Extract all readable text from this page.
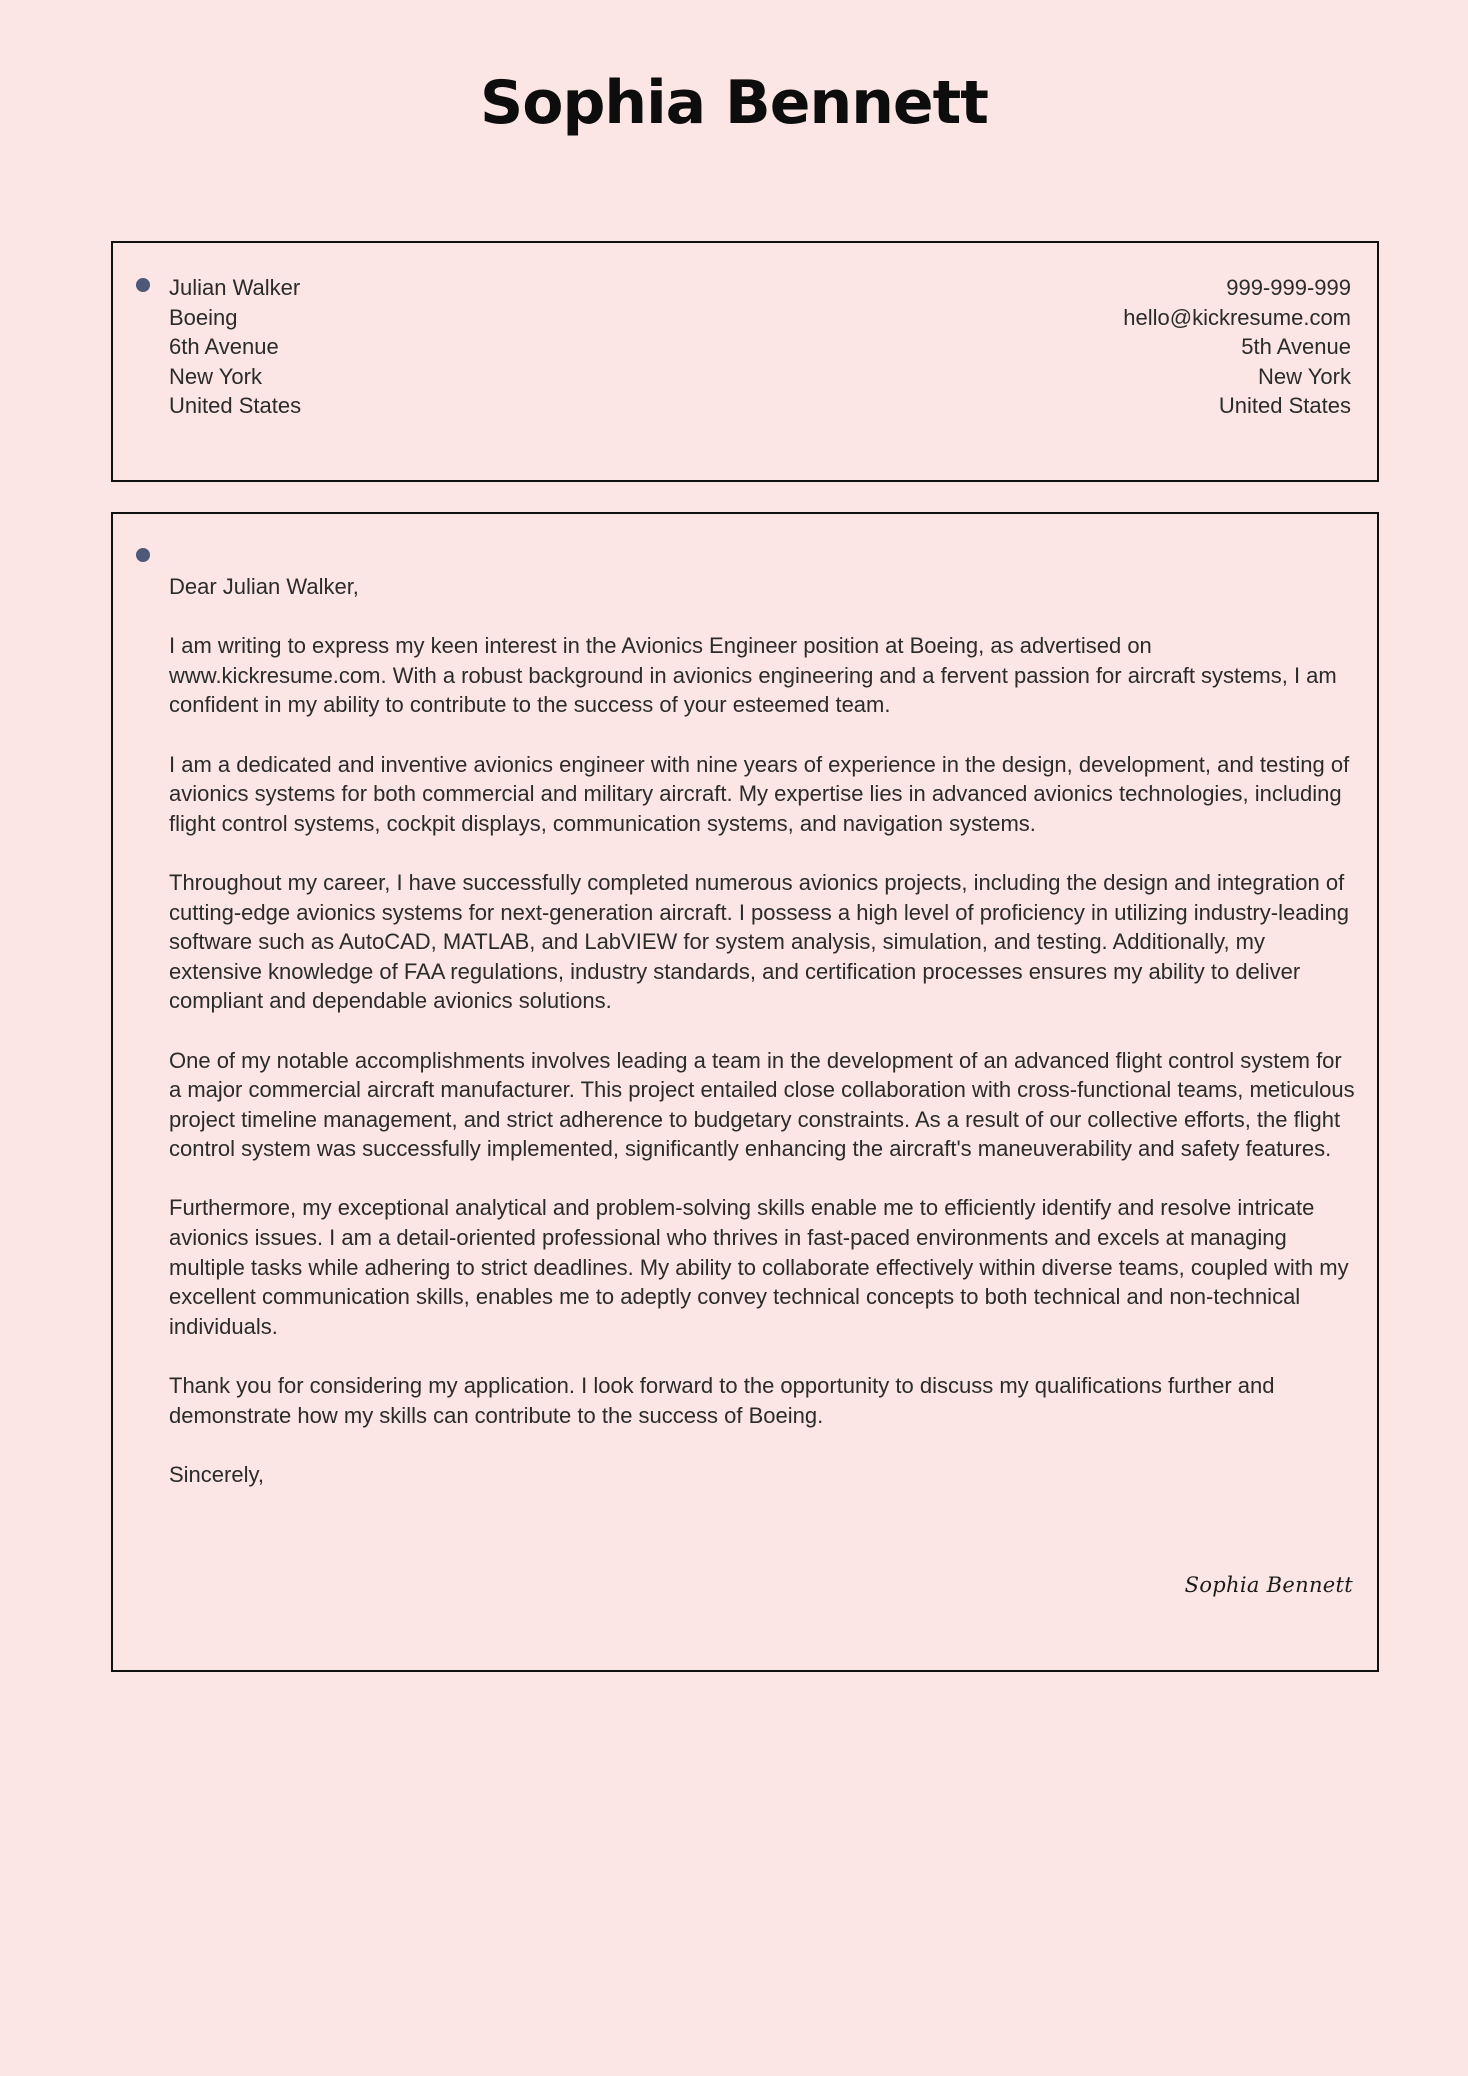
Sophia Bennett
Julian Walker
Boeing
6th Avenue
New York
United States
999-999-999
hello@kickresume.com
5th Avenue
New York
United States

Dear Julian Walker,

I am writing to express my keen interest in the Avionics Engineer position at Boeing, as advertised on www.kickresume.com. With a robust background in avionics engineering and a fervent passion for aircraft systems, I am confident in my ability to contribute to the success of your esteemed team.

I am a dedicated and inventive avionics engineer with nine years of experience in the design, development, and testing of avionics systems for both commercial and military aircraft. My expertise lies in advanced avionics technologies, including flight control systems, cockpit displays, communication systems, and navigation systems.

Throughout my career, I have successfully completed numerous avionics projects, including the design and integration of cutting-edge avionics systems for next-generation aircraft. I possess a high level of proficiency in utilizing industry-leading software such as AutoCAD, MATLAB, and LabVIEW for system analysis, simulation, and testing. Additionally, my extensive knowledge of FAA regulations, industry standards, and certification processes ensures my ability to deliver compliant and dependable avionics solutions.

One of my notable accomplishments involves leading a team in the development of an advanced flight control system for a major commercial aircraft manufacturer. This project entailed close collaboration with cross-functional teams, meticulous project timeline management, and strict adherence to budgetary constraints. As a result of our collective efforts, the flight control system was successfully implemented, significantly enhancing the aircraft's maneuverability and safety features.

Furthermore, my exceptional analytical and problem-solving skills enable me to efficiently identify and resolve intricate avionics issues. I am a detail-oriented professional who thrives in fast-paced environments and excels at managing multiple tasks while adhering to strict deadlines. My ability to collaborate effectively within diverse teams, coupled with my excellent communication skills, enables me to adeptly convey technical concepts to both technical and non-technical individuals.

Thank you for considering my application. I look forward to the opportunity to discuss my qualifications further and demonstrate how my skills can contribute to the success of Boeing.

Sincerely,

Sophia Bennett
